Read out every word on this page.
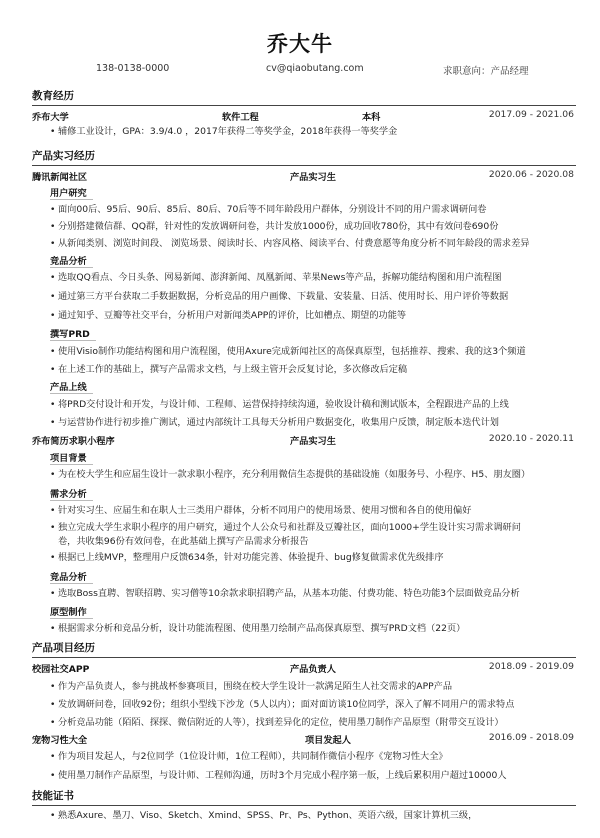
乔大牛
138-0138-0000	cv@qiaobutang.com	求职意向：产品经理
教育经历
乔布大学	软件工程	本科	2017.09 - 2021.06
• 辅修工业设计，GPA：3.9/4.0 ，2017年获得二等奖学金，2018年获得一等奖学金
产品实习经历
腾讯新闻社区	产品实习生	2020.06 - 2020.08
用户研究
• 面向00后、95后、90后、85后、80后、70后等不同年龄段用户群体，分别设计不同的用户需求调研问卷
• 分别搭建微信群、QQ群，针对性的发放调研问卷，共计发放1000份，成功回收780份，其中有效问卷690份
• 从新闻类别、浏览时间段、 浏览场景、阅读时长、内容风格、阅读平台、付费意愿等角度分析不同年龄段的需求差异
竞品分析
• 选取QQ看点、今日头条、网易新闻、澎湃新闻、凤凰新闻、苹果News等产品，拆解功能结构图和用户流程图
• 通过第三方平台获取二手数据数据，分析竞品的用户画像、下载量、安装量、日活、使用时长、用户评价等数据
• 通过知乎、豆瓣等社交平台，分析用户对新闻类APP的评价，比如槽点、期望的功能等
撰写PRD
• 使用Visio制作功能结构图和用户流程图，使用Axure完成新闻社区的高保真原型，包括推荐、搜索、我的这3个频道
• 在上述工作的基础上，撰写产品需求文档，与上级主管开会反复讨论，多次修改后定稿
产品上线
• 将PRD交付设计和开发，与设计师、工程师、运营保持持续沟通，验收设计稿和测试版本，全程跟进产品的上线
• 与运营协作进行初步推广测试，通过内部统计工具每天分析用户数据变化，收集用户反馈，制定版本迭代计划
乔布简历求职小程序	产品实习生	2020.10 - 2020.11
项目背景
• 为在校大学生和应届生设计一款求职小程序，充分利用微信生态提供的基础设施（如服务号、小程序、H5、朋友圈）
需求分析
• 针对实习生、应届生和在职人士三类用户群体，分析不同用户的使用场景、使用习惯和各自的使用偏好
• 独立完成大学生求职小程序的用户研究，通过个人公众号和社群及豆瓣社区，面向1000+学生设计实习需求调研问
卷，共收集96份有效问卷，在此基础上撰写产品需求分析报告
• 根据已上线MVP，整理用户反馈634条，针对功能完善、体验提升、bug修复做需求优先级排序
竞品分析
• 选取Boss直聘、智联招聘、实习僧等10余款求职招聘产品，从基本功能、付费功能、特色功能3个层面做竞品分析
原型制作
• 根据需求分析和竞品分析，设计功能流程图、使用墨刀绘制产品高保真原型、撰写PRD文档（22页）
产品项目经历
校园社交APP	产品负责人	2018.09 - 2019.09
• 作为产品负责人，参与挑战杯参赛项目，围绕在校大学生设计一款满足陌生人社交需求的APP产品
• 发放调研问卷，回收92份；组织小型线下沙龙（5人以内）；面对面访谈10位同学，深入了解不同用户的需求特点
• 分析竞品功能（陌陌、探探、微信附近的人等），找到差异化的定位，使用墨刀制作产品原型（附带交互设计）
宠物习性大全	项目发起人	2016.09 - 2018.09
• 作为项目发起人，与2位同学（1位设计师，1位工程师），共同制作微信小程序《宠物习性大全》
• 使用墨刀制作产品原型，与设计师、工程师沟通，历时3个月完成小程序第一版，上线后累积用户超过10000人
技能证书
• 熟悉Axure、墨刀、Viso、Sketch、Xmind、SPSS、Pr、Ps、Python、英语六级，国家计算机三级，
